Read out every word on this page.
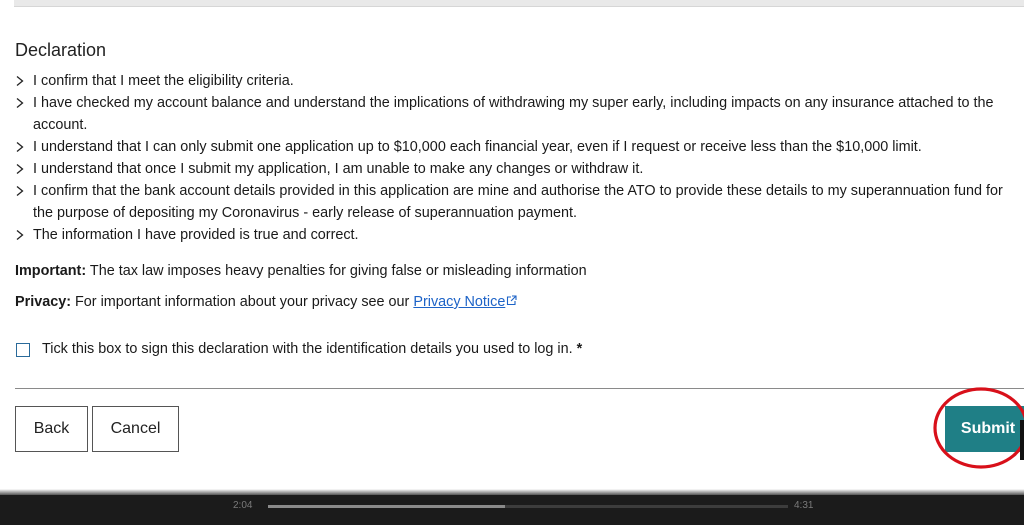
Declaration
I confirm that I meet the eligibility criteria.
I have checked my account balance and understand the implications of withdrawing my super early, including impacts on any insurance attached to the account.
I understand that I can only submit one application up to $10,000 each financial year, even if I request or receive less than the $10,000 limit.
I understand that once I submit my application, I am unable to make any changes or withdraw it.
I confirm that the bank account details provided in this application are mine and authorise the ATO to provide these details to my superannuation fund for the purpose of depositing my Coronavirus - early release of superannuation payment.
The information I have provided is true and correct.
Important: The tax law imposes heavy penalties for giving false or misleading information
Privacy: For important information about your privacy see our Privacy Notice
Tick this box to sign this declaration with the identification details you used to log in. *
Back	Cancel	Submit
2:04	4:31
